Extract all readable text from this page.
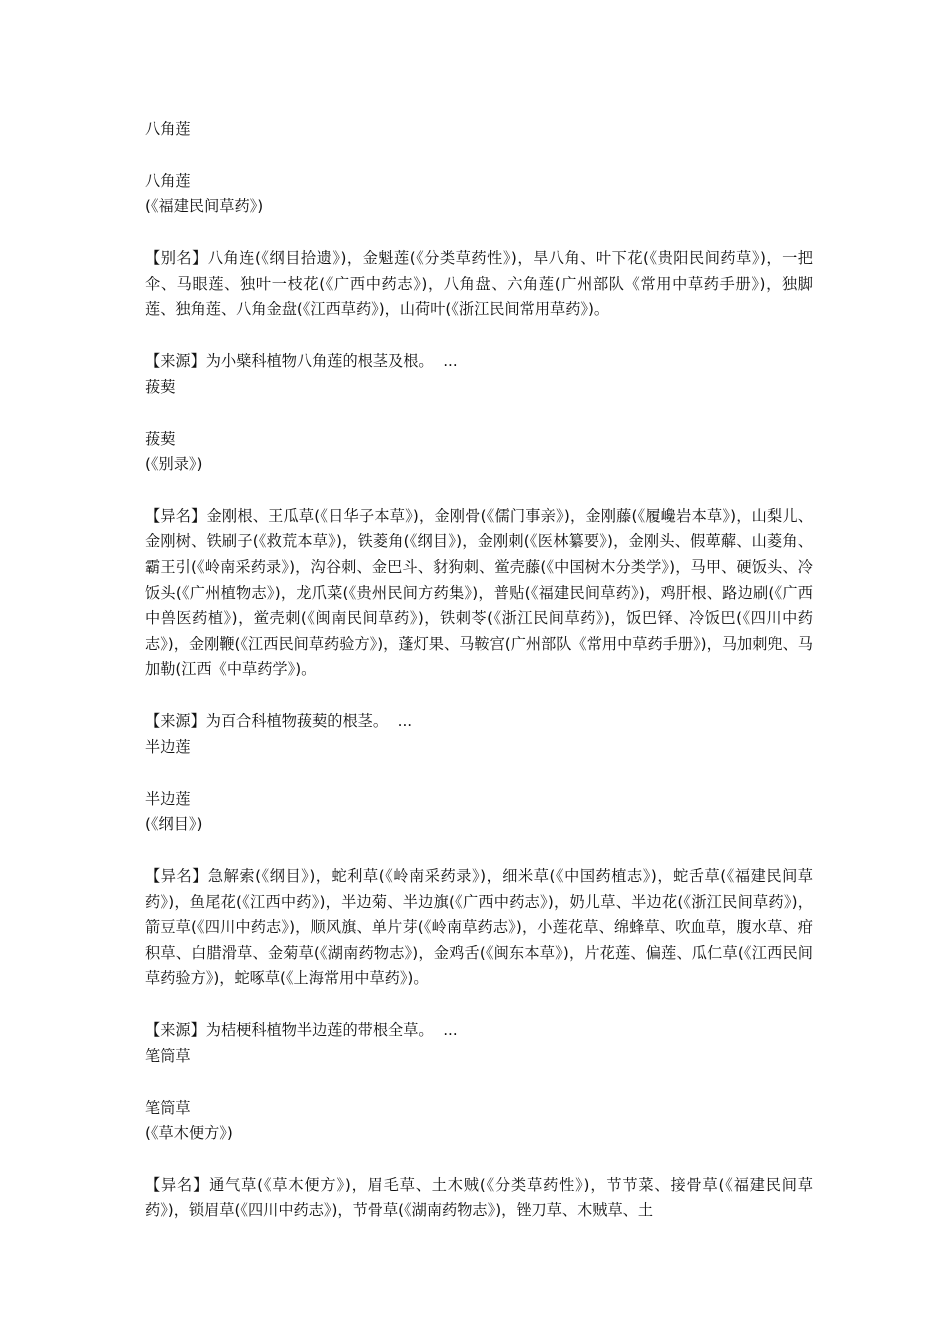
八角莲
八角莲
(《福建民间草药》)
【别名】八角连(《纲目拾遗》)，金魁莲(《分类草药性》)，旱八角、叶下花(《贵阳民间药草》)，一把伞、马眼莲、独叶一枝花(《广西中药志》)，八角盘、六角莲(广州部队《常用中草药手册》)，独脚莲、独角莲、八角金盘(《江西草药》)，山荷叶(《浙江民间常用草药》)。
【来源】为小檗科植物八角莲的根茎及根。  ...
菝葜
菝葜
(《别录》)
【异名】金刚根、王瓜草(《日华子本草》)，金刚骨(《儒门事亲》)，金刚藤(《履巉岩本草》)，山梨儿、金刚树、铁刷子(《救荒本草》)，铁菱角(《纲目》)，金刚刺(《医林纂要》)，金刚头、假萆薢、山菱角、霸王引(《岭南采药录》)，沟谷刺、金巴斗、豺狗刺、鲎壳藤(《中国树木分类学》)，马甲、硬饭头、冷饭头(《广州植物志》)，龙爪菜(《贵州民间方药集》)，普贴(《福建民间草药》)，鸡肝根、路边刷(《广西中兽医药植》)，鲎壳刺(《闽南民间草药》)，铁刺苓(《浙江民间草药》)，饭巴铎、冷饭巴(《四川中药志》)，金刚鞭(《江西民间草药验方》)，蓬灯果、马鞍宫(广州部队《常用中草药手册》)，马加刺兜、马加勒(江西《中草药学》)。
【来源】为百合科植物菝葜的根茎。  ...
半边莲
半边莲
(《纲目》)
【异名】急解索(《纲目》)，蛇利草(《岭南采药录》)，细米草(《中国药植志》)，蛇舌草(《福建民间草药》)，鱼尾花(《江西中药》)，半边菊、半边旗(《广西中药志》)，奶儿草、半边花(《浙江民间草药》)，箭豆草(《四川中药志》)，顺风旗、单片芽(《岭南草药志》)，小莲花草、绵蜂草、吹血草，腹水草、疳积草、白腊滑草、金菊草(《湖南药物志》)，金鸡舌(《闽东本草》)，片花莲、偏莲、瓜仁草(《江西民间草药验方》)，蛇啄草(《上海常用中草药》)。
【来源】为桔梗科植物半边莲的带根全草。  ...
笔筒草
笔筒草
(《草木便方》)
【异名】通气草(《草木便方》)，眉毛草、土木贼(《分类草药性》)，节节菜、接骨草(《福建民间草药》)，锁眉草(《四川中药志》)，节骨草(《湖南药物志》)，锉刀草、木贼草、土
